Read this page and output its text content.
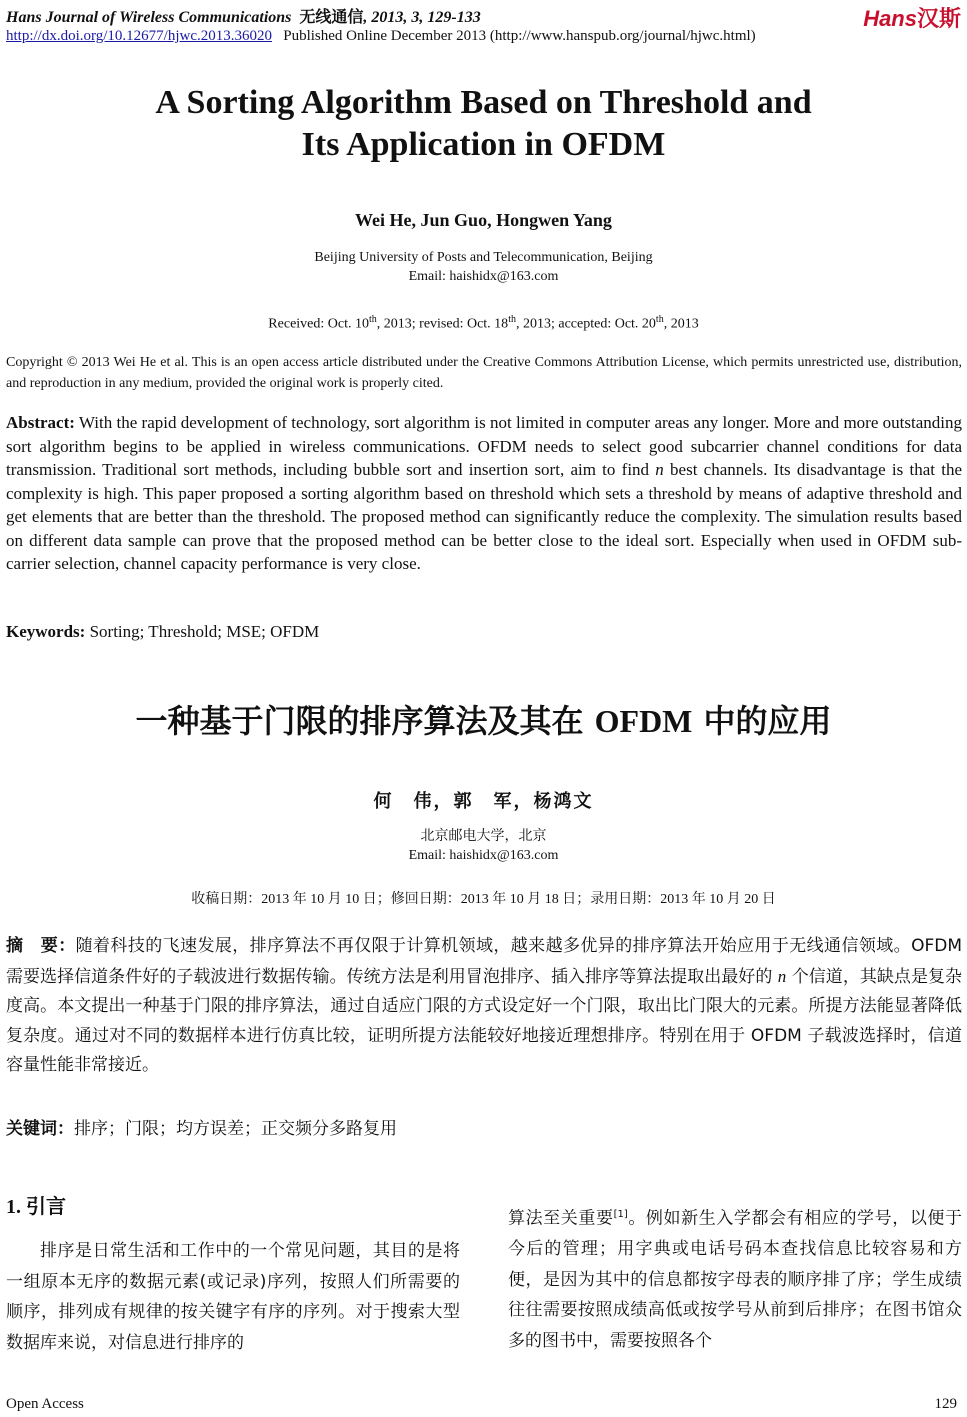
Hans Journal of Wireless Communications 无线通信, 2013, 3, 129-133
http://dx.doi.org/10.12677/hjwc.2013.36020 Published Online December 2013 (http://www.hanspub.org/journal/hjwc.html)
Hans汉斯
A Sorting Algorithm Based on Threshold and
Its Application in OFDM
Wei He, Jun Guo, Hongwen Yang
Beijing University of Posts and Telecommunication, Beijing
Email: haishidx@163.com
Received: Oct. 10th, 2013; revised: Oct. 18th, 2013; accepted: Oct. 20th, 2013
Copyright © 2013 Wei He et al. This is an open access article distributed under the Creative Commons Attribution License, which permits unrestricted use, distribution, and reproduction in any medium, provided the original work is properly cited.
Abstract: With the rapid development of technology, sort algorithm is not limited in computer areas any longer. More and more outstanding sort algorithm begins to be applied in wireless communications. OFDM needs to select good subcarrier channel conditions for data transmission. Traditional sort methods, including bubble sort and insertion sort, aim to find n best channels. Its disadvantage is that the complexity is high. This paper proposed a sorting algorithm based on threshold which sets a threshold by means of adaptive threshold and get elements that are better than the threshold. The proposed method can significantly reduce the complexity. The simulation results based on different data sample can prove that the proposed method can be better close to the ideal sort. Especially when used in OFDM sub-carrier selection, channel capacity performance is very close.
Keywords: Sorting; Threshold; MSE; OFDM
一种基于门限的排序算法及其在 OFDM 中的应用
何　伟，郭　军，杨鸿文
北京邮电大学，北京
Email: haishidx@163.com
收稿日期：2013 年 10 月 10 日；修回日期：2013 年 10 月 18 日；录用日期：2013 年 10 月 20 日
摘　要：随着科技的飞速发展，排序算法不再仅限于计算机领域，越来越多优异的排序算法开始应用于无线通信领域。OFDM 需要选择信道条件好的子载波进行数据传输。传统方法是利用冒泡排序、插入排序等算法提取出最好的 n 个信道，其缺点是复杂度高。本文提出一种基于门限的排序算法，通过自适应门限的方式设定好一个门限，取出比门限大的元素。所提方法能显著降低复杂度。通过对不同的数据样本进行仿真比较，证明所提方法能较好地接近理想排序。特别在用于 OFDM 子载波选择时，信道容量性能非常接近。
关键词：排序；门限；均方误差；正交频分多路复用
1. 引言
排序是日常生活和工作中的一个常见问题，其目的是将一组原本无序的数据元素(或记录)序列，按照人们所需要的顺序，排列成有规律的按关键字有序的序列。对于搜索大型数据库来说，对信息进行排序的
算法至关重要[1]。例如新生入学都会有相应的学号，以便于今后的管理；用字典或电话号码本查找信息比较容易和方便，是因为其中的信息都按字母表的顺序排了序；学生成绩往往需要按照成绩高低或按学号从前到后排序；在图书馆众多的图书中，需要按照各个
Open Access	129
